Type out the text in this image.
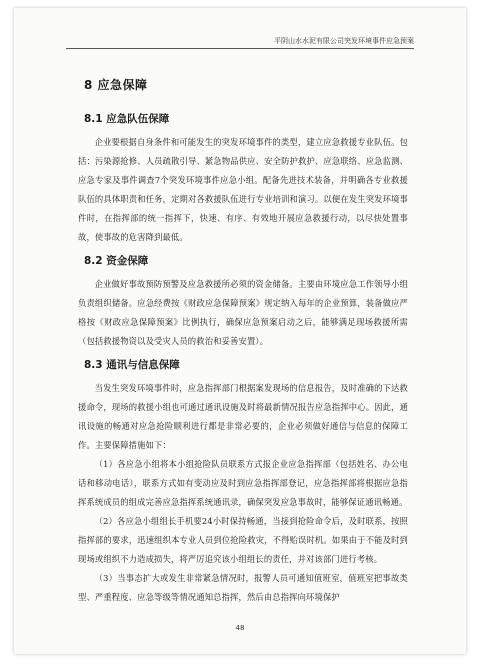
平阴山水水泥有限公司突发环境事件应急预案
8 应急保障
8.1 应急队伍保障

企业要根据自身条件和可能发生的突发环境事件的类型，建立应急救援专业队伍。包括：污染源抢修、人员疏散引导、紧急物品供应、安全防护救护、应急联络、应急监测、应急专家及事件调查7个突发环境事件应急小组。配备先进技术装备，并明确各专业救援队伍的具体职责和任务，定期对各救援队伍进行专业培训和演习。以便在发生突发环境事件时，在指挥部的统一指挥下，快速、有序、有效地开展应急救援行动，以尽快处置事故，使事故的危害降到最低。

8.2 资金保障

企业做好事故预防预警及应急救援所必须的资金储备。主要由环境应急工作领导小组负责组织储备。应急经费按《财政应急保障预案》规定纳入每年的企业预算，装备做应严格按《财政应急保障预案》比例执行，确保应急预案启动之后，能够满足现场救援所需（包括救援物资以及受灾人员的救治和妥善安置）。

8.3 通讯与信息保障

当发生突发环境事件时，应急指挥部门根据案发现场的信息报告，及时准确的下达救援命令，现场的救援小组也可通过通讯设施及时将最新情况报告应急指挥中心。因此，通讯设施的畅通对应急抢险顺利进行都是非常必要的，企业必须做好通信与信息的保障工作。主要保障措施如下：

（1）各应急小组将本小组抢险队员联系方式报企业应急指挥部（包括姓名、办公电话和移动电话），联系方式如有变动应及时到应急指挥部登记，应急指挥部将根据应急指挥系统成员的组成完善应急指挥系统通讯录，确保突发应急事故时，能够保证通讯畅通。

（2）各应急小组组长手机要24小时保持畅通，当接到抢险命令后，及时联系，按照指挥部的要求，迅速组织本专业人员到位抢险救灾，不得贻误时机。如果由于不能及时到现场或组织不力造成损失，将严厉追究该小组组长的责任，并对该部门进行考核。

（3）当事态扩大或发生非常紧急情况时，报警人员可通知值班室，值班室把事故类型、严重程度、应急等级等情况通知总指挥，然后由总指挥向环境保护

48
